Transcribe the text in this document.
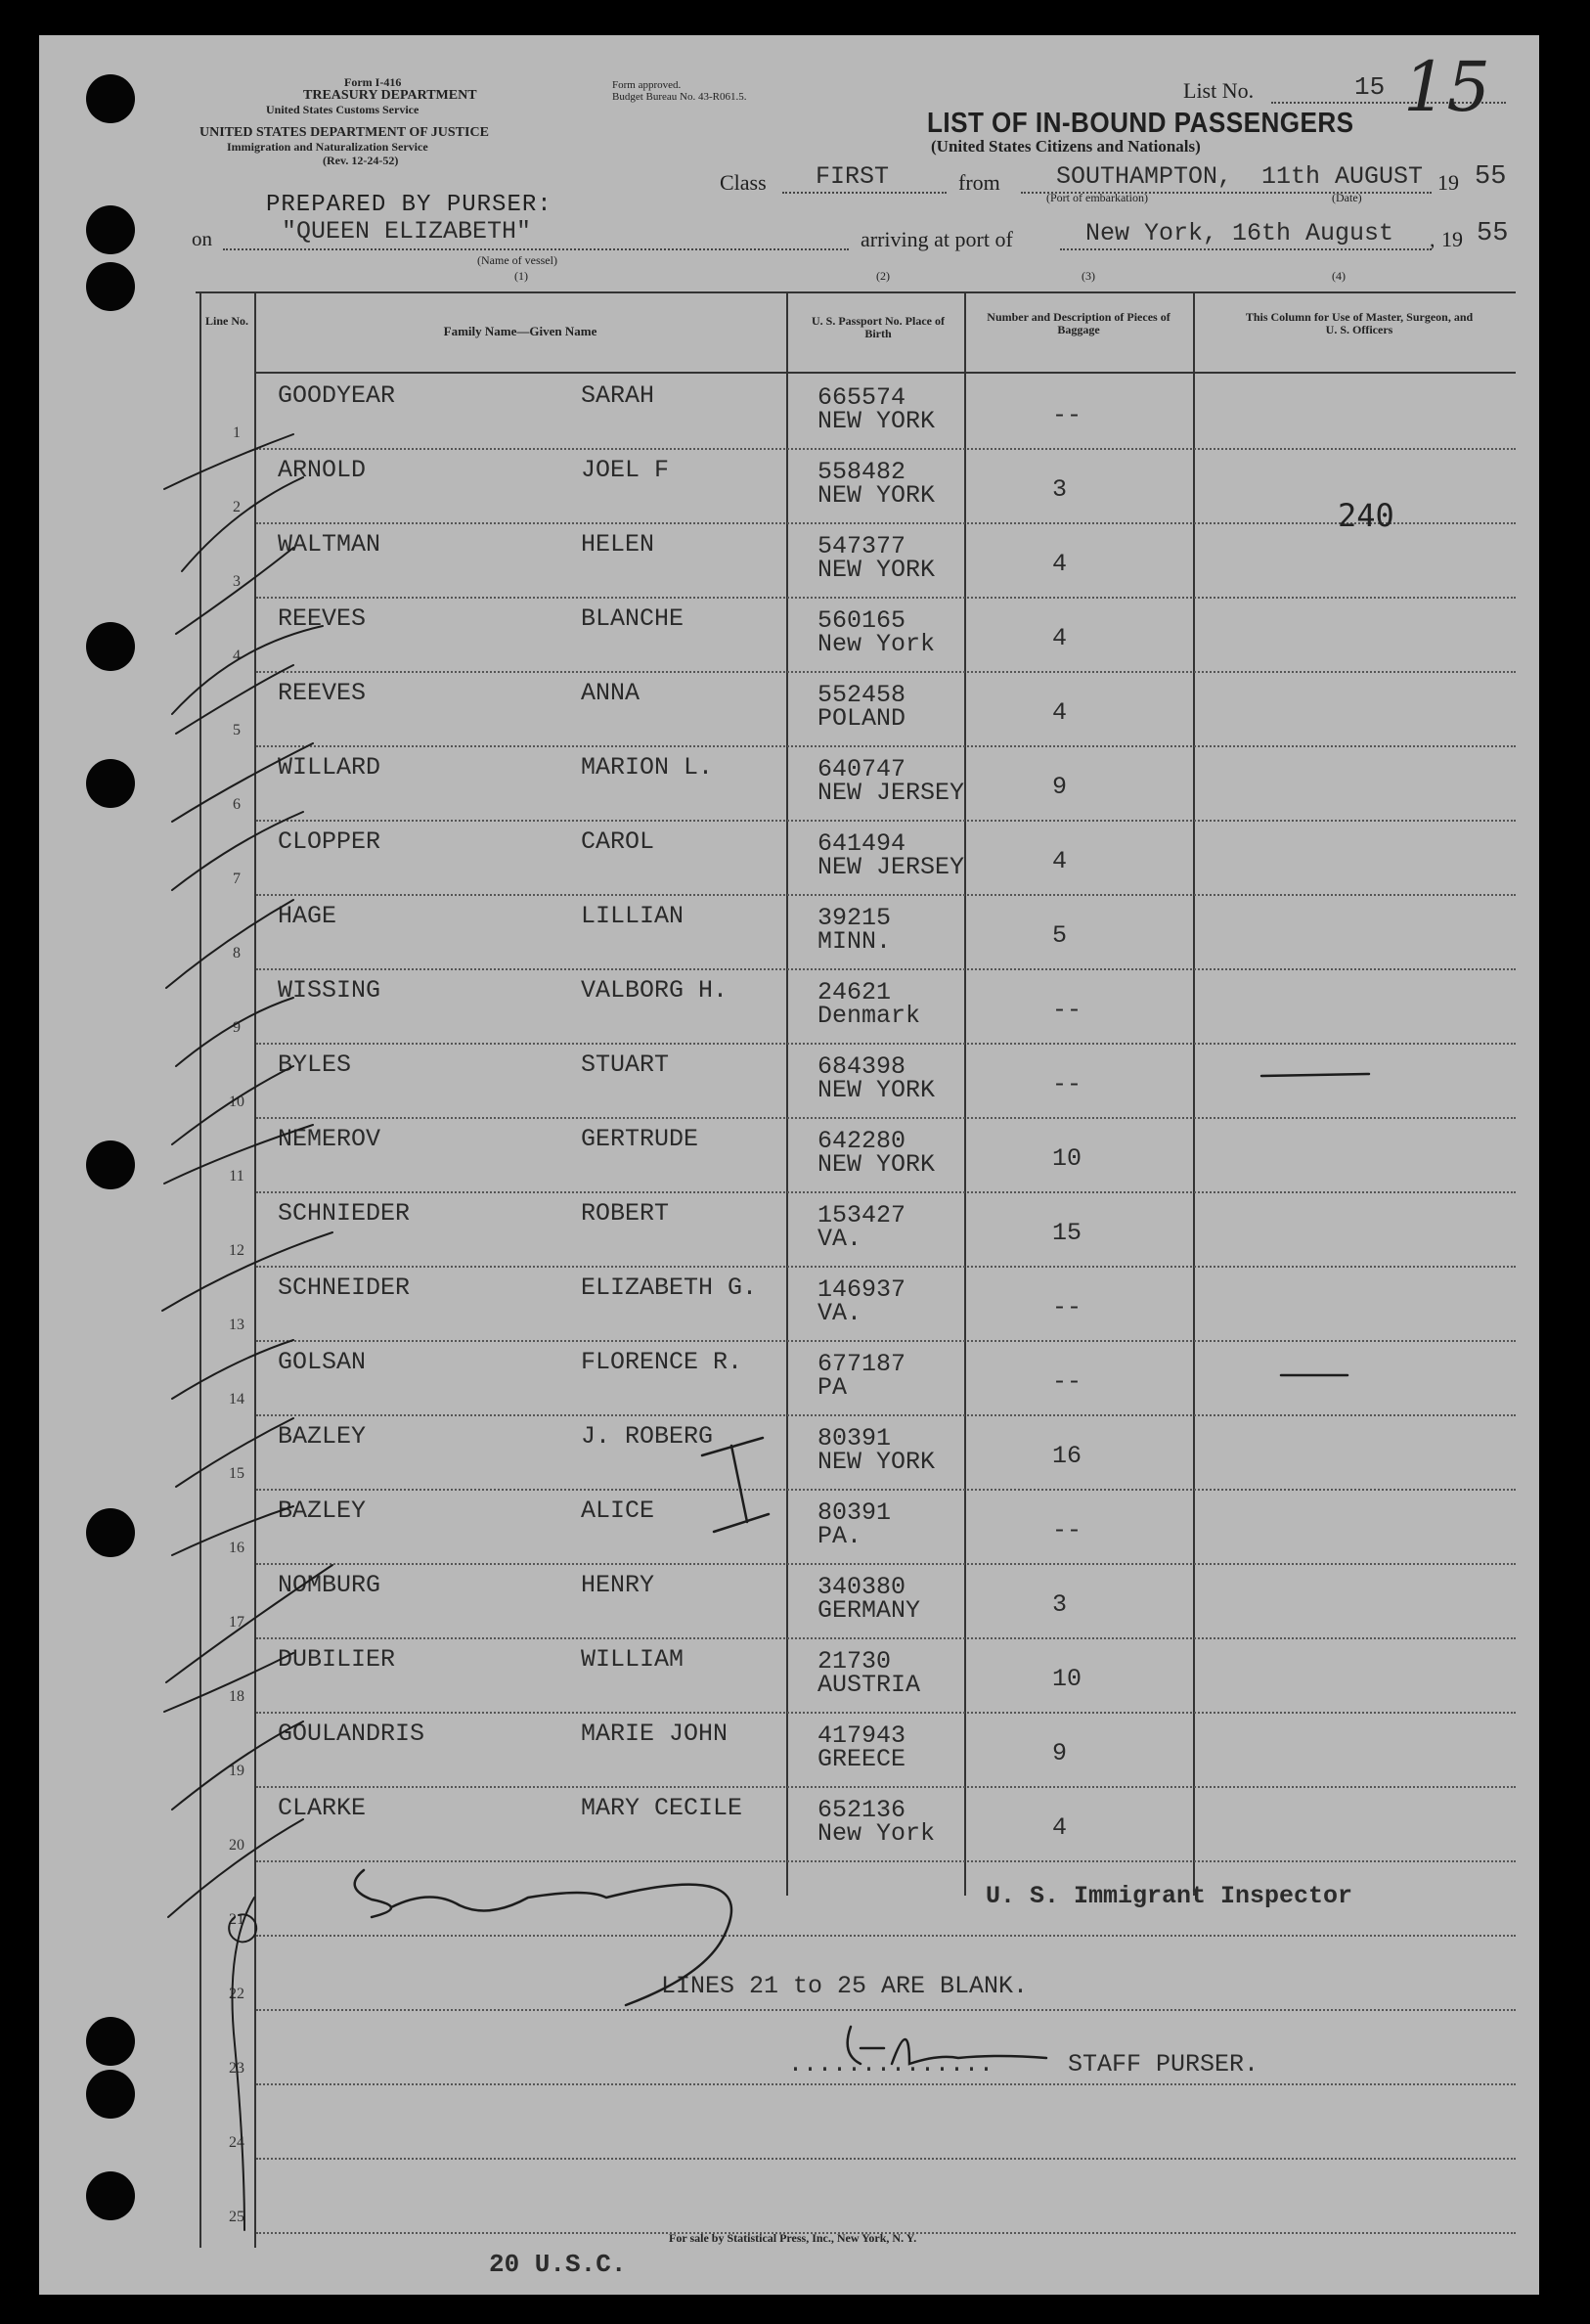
Form I-416
TREASURY DEPARTMENT
United States Customs Service
UNITED STATES DEPARTMENT OF JUSTICE
Immigration and Naturalization Service
(Rev. 12-24-52)
Form approved.
Budget Bureau No. 43-R061.5.	List No.	15 15
LIST OF IN-BOUND PASSENGERS
(United States Citizens and Nationals)
PREPARED BY PURSER:
on	"QUEEN ELIZABETH"
(Name of vessel)
(1)
Class FIRST	from SOUTHAMPTON, 11th AUGUST 19 55
(Port of embarkation)	(Date)
arriving at port of	New York, 16th August , 19 55
(2)	(3)	(4)
Line No.
Family Name—Given Name
U. S. Passport No. Place of Birth
Number and Description of Pieces of Baggage
This Column for Use of Master, Surgeon, and U. S. Officers
1
GOODYEAR	SARAH	665574
NEW YORK	--
2
ARNOLD	JOEL F	558482
NEW YORK	3
3
WALTMAN	HELEN	547377
NEW YORK	4
4
REEVES	BLANCHE	560165
New York	4
5
REEVES	ANNA	552458
POLAND	4
6
WILLARD	MARION L.	640747
NEW JERSEY	9
7
CLOPPER	CAROL	641494
NEW JERSEY	4
8
HAGE	LILLIAN	39215
MINN.	5
9
WISSING	VALBORG H.	24621
Denmark	--
10
BYLES	STUART	684398
NEW YORK	--
11
NEMEROV	GERTRUDE	642280
NEW YORK	10
12
SCHNIEDER	ROBERT	153427
VA.	15
13
SCHNEIDER	ELIZABETH G. 146937
VA.	--
14
GOLSAN	FLORENCE R.	677187
PA	--
15
BAZLEY	J. ROBERG	80391
NEW YORK	16
16
BAZLEY	ALICE	80391
PA.	--
17
NOMBURG	HENRY	340380
GERMANY	3
18
DUBILIER	WILLIAM	21730
AUSTRIA	10
19
GOULANDRIS	MARIE JOHN	417943
GREECE	9
20
CLARKE	MARY CECILE	652136
New York	4
21
22
23
24
25
240
U. S. Immigrant Inspector
LINES 21 to 25 ARE BLANK.
..............	STAFF PURSER.
20 U.S.C.
For sale by Statistical Press, Inc., New York, N. Y.
